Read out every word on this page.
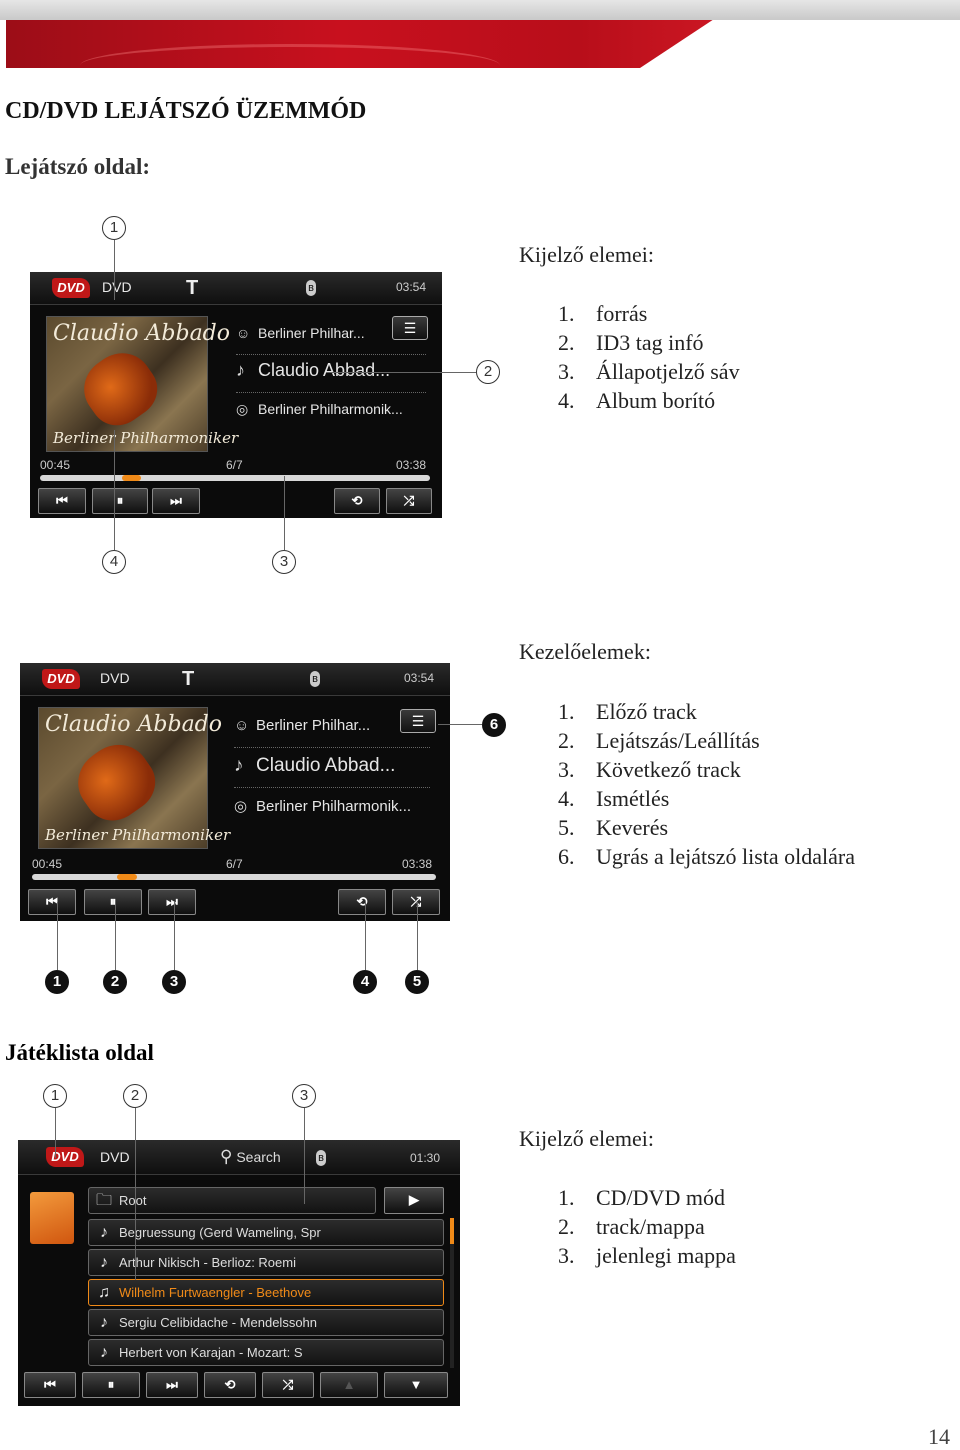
CD/DVD LEJÁTSZÓ ÜZEMMÓD
Lejátszó oldal:
DVD	DVD	T	ʙ	03:54
Claudio Abbado
Berliner Philharmoniker
☺ Berliner Philhar...
♪ Claudio Abbad...
◎ Berliner Philharmonik...
☰
00:45	6/7	03:38
⏮	⏸	⏭	⟲	⤮
1
2
3
4
Kijelző elemei:
1. forrás
2. ID3 tag infó
3. Állapotjelző sáv
4. Album borító
DVD	DVD	T	ʙ	03:54
Claudio Abbado
Berliner Philharmoniker
☺ Berliner Philhar...
♪ Claudio Abbad...
◎ Berliner Philharmonik...
☰
00:45	6/7	03:38
⏮	⏸	⏭	⟲	⤮
6
1	2	3	4	5
Kezelőelemek:
1. Előző track
2. Lejátszás/Leállítás
3. Következő track
4. Ismétlés
5. Keverés
6. Ugrás a lejátszó lista oldalára
Játéklista oldal
DVD	DVD	⚲ Search	ʙ	01:30
🗀 Root	▶
♪ Begruessung (Gerd Wameling, Spr
♪ Arthur Nikisch - Berlioz: Roemi
♫ Wilhelm Furtwaengler - Beethove
♪ Sergiu Celibidache - Mendelssohn
♪ Herbert von Karajan - Mozart: S
⏮	⏸	⏭	⟲	⤮	▲	▼
1	2	3
Kijelző elemei:
1. CD/DVD mód
2. track/mappa
3. jelenlegi mappa
14
